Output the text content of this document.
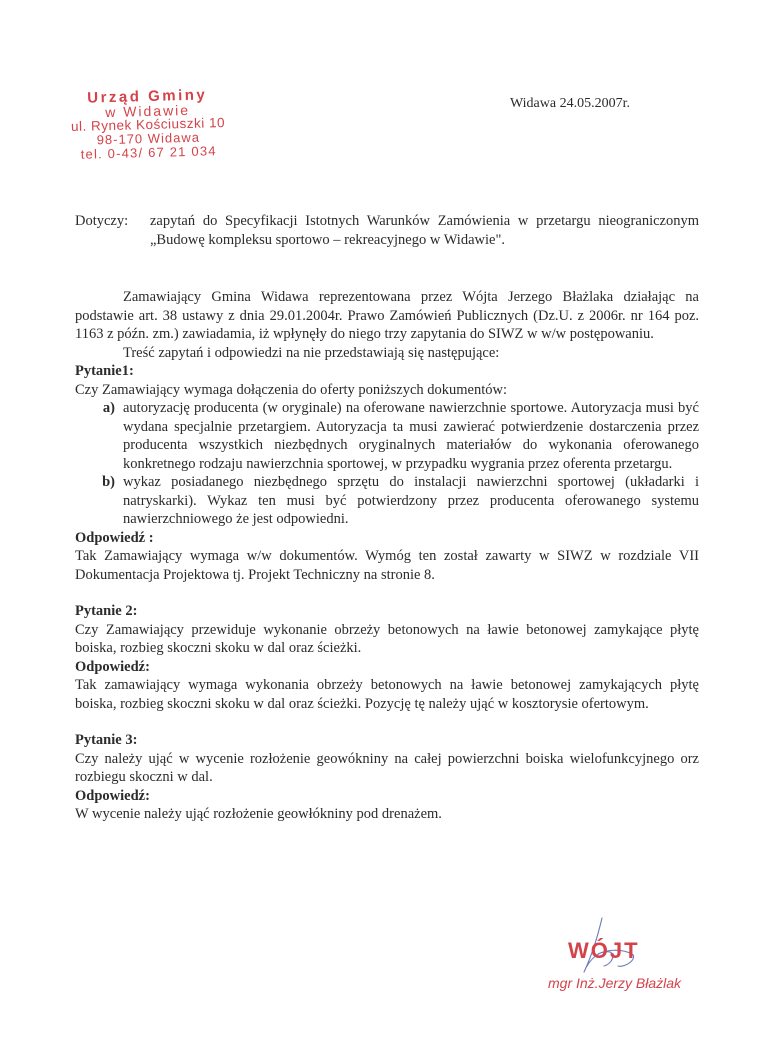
Urząd Gminy
w Widawie
ul. Rynek Kościuszki 10
98-170 Widawa
tel. 0-43/ 67 21 034
Widawa 24.05.2007r.
Dotyczy:	zapytań do Specyfikacji Istotnych Warunków Zamówienia w przetargu nieograniczonym „Budowę kompleksu sportowo – rekreacyjnego w Widawie".

Zamawiający Gmina Widawa reprezentowana przez Wójta Jerzego Błażlaka działając na podstawie art. 38 ustawy z dnia 29.01.2004r. Prawo Zamówień Publicznych (Dz.U. z 2006r. nr 164 poz. 1163 z późn. zm.) zawiadamia, iż wpłynęły do niego trzy zapytania do SIWZ w w/w postępowaniu.

Treść zapytań i odpowiedzi na nie przedstawiają się następujące:

Pytanie1:

Czy Zamawiający wymaga dołączenia do oferty poniższych dokumentów:

a) autoryzację producenta (w oryginale) na oferowane nawierzchnie sportowe. Autoryzacja musi być wydana specjalnie przetargiem. Autoryzacja ta musi zawierać potwierdzenie dostarczenia przez producenta wszystkich niezbędnych oryginalnych materiałów do wykonania oferowanego konkretnego rodzaju nawierzchnia sportowej, w przypadku wygrania przez oferenta przetargu.
b) wykaz posiadanego niezbędnego sprzętu do instalacji nawierzchni sportowej (układarki i natryskarki). Wykaz ten musi być potwierdzony przez producenta oferowanego systemu nawierzchniowego że jest odpowiedni.

Odpowiedź :

Tak Zamawiający wymaga w/w dokumentów. Wymóg ten został zawarty w SIWZ w rozdziale VII Dokumentacja Projektowa tj. Projekt Techniczny na stronie 8.

Pytanie 2:

Czy Zamawiający przewiduje wykonanie obrzeży betonowych na ławie betonowej zamykające płytę boiska, rozbieg skoczni skoku w dal oraz ścieżki.

Odpowiedź:

Tak zamawiający wymaga wykonania obrzeży betonowych na ławie betonowej zamykających płytę boiska, rozbieg skoczni skoku w dal oraz ścieżki. Pozycję tę należy ująć w kosztorysie ofertowym.

Pytanie 3:

Czy należy ująć w wycenie rozłożenie geowókniny na całej powierzchni boiska wielofunkcyjnego orz rozbiegu skoczni w dal.

Odpowiedź:

W wycenie należy ująć rozłożenie geowłókniny pod drenażem.

WÓJT
mgr Inż.Jerzy Błażlak
